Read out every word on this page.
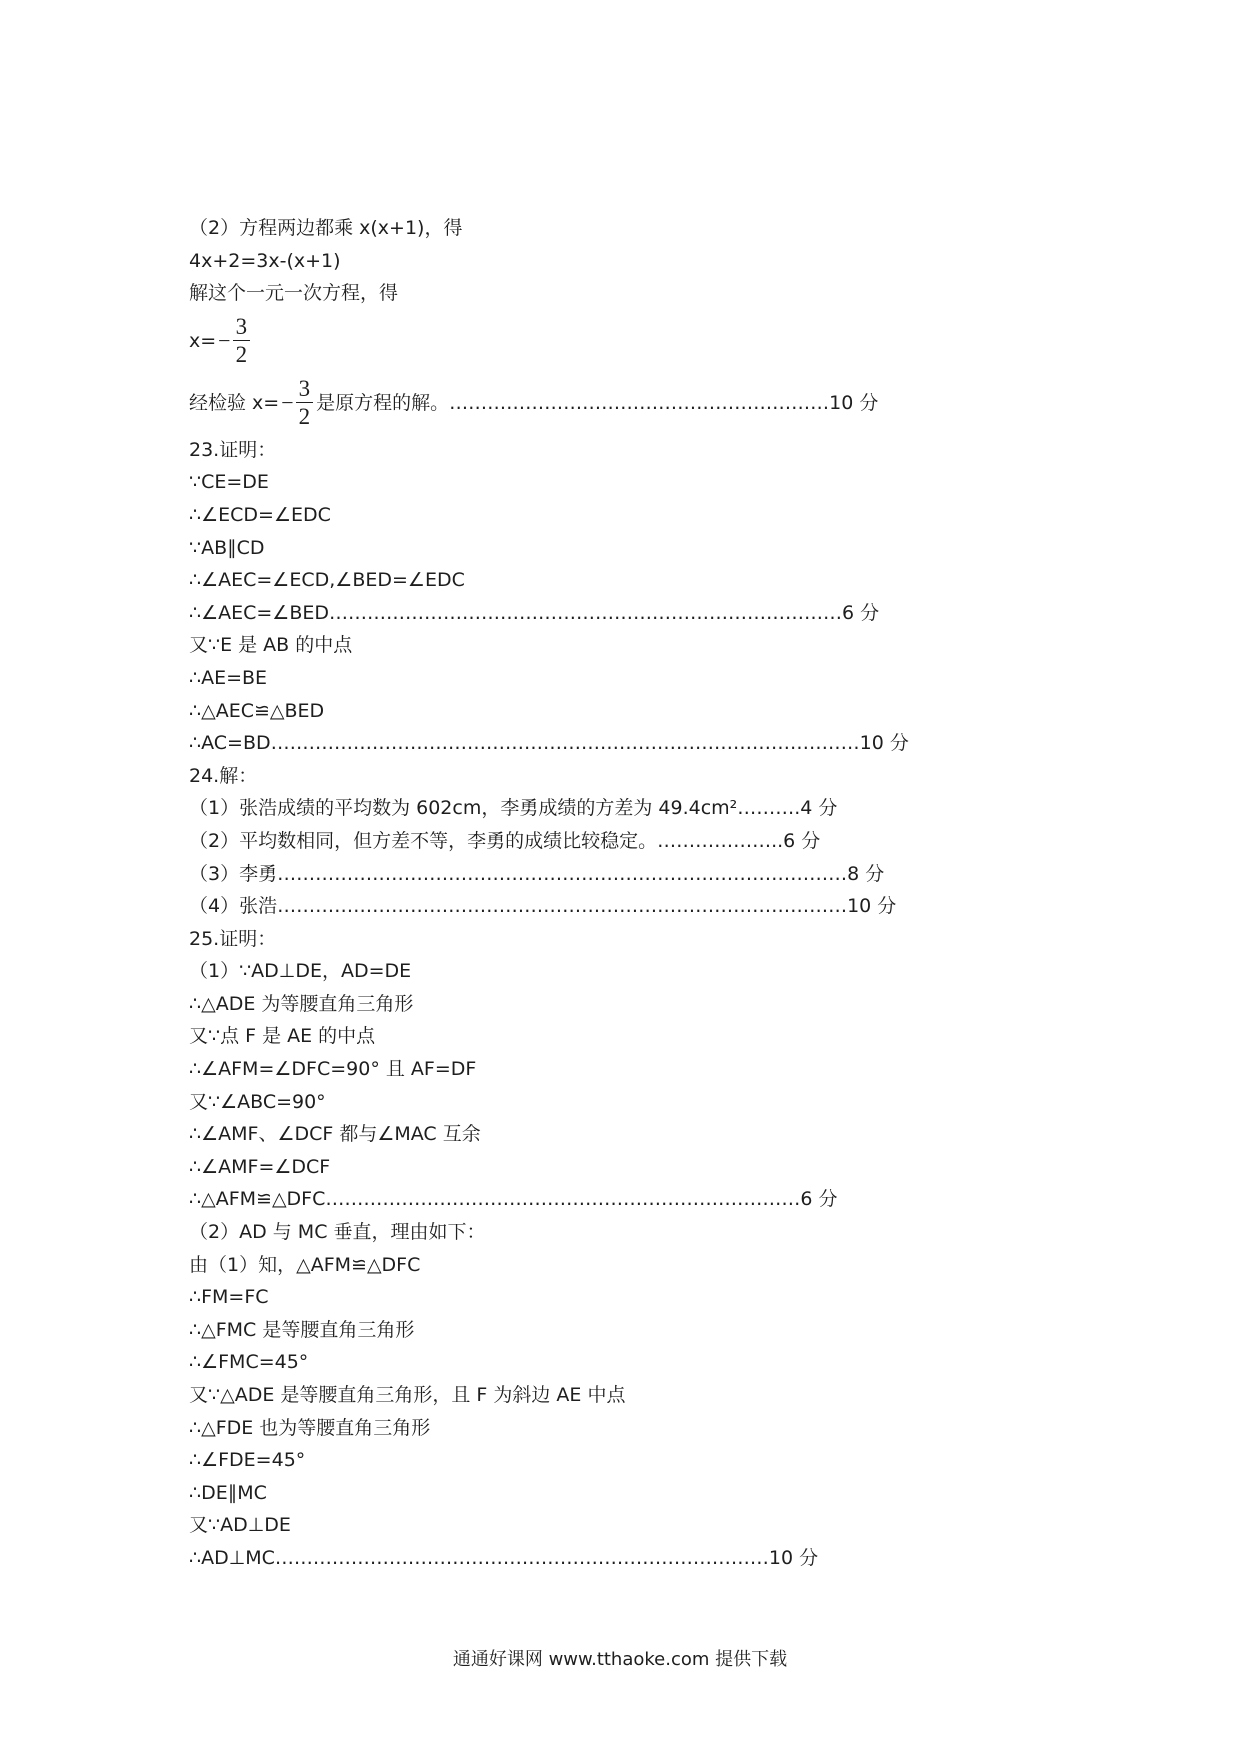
（2）方程两边都乘 x(x+1)，得
4x+2=3x-(x+1)
解这个一元一次方程，得
$x= - \frac{3}{2}$
经检验 $x= - \frac{3}{2}$ 是原方程的解。……………………………………………………10 分
23.证明：
∵CE=DE
∴∠ECD=∠EDC
∵AB∥CD
∴∠AEC=∠ECD,∠BED=∠EDC
∴∠AEC=∠BED………………………………………………………………………6 分
又∵E 是 AB 的中点
∴AE=BE
∴△AEC≌△BED
∴AC=BD…………………………………………………………………………………10 分
24.解：
（1）张浩成绩的平均数为 602cm，李勇成绩的方差为 49.4cm²……….4 分
（2）平均数相同，但方差不等，李勇的成绩比较稳定。………………..6 分
（3）李勇………………………………………………………………………………8 分
（4）张浩………………………………………………………………………………10 分
25.证明：
（1）∵AD⊥DE，AD=DE
∴△ADE 为等腰直角三角形
又∵点 F 是 AE 的中点
∴∠AFM=∠DFC=90° 且 AF=DF
又∵∠ABC=90°
∴∠AMF、∠DCF 都与∠MAC 互余
∴∠AMF=∠DCF
∴△AFM≌△DFC…………………………………………………………………6 分
（2）AD 与 MC 垂直，理由如下：
由（1）知，△AFM≌△DFC
∴FM=FC
∴△FMC 是等腰直角三角形
∴∠FMC=45°
又∵△ADE 是等腰直角三角形，且 F 为斜边 AE 中点
∴△FDE 也为等腰直角三角形
∴∠FDE=45°
∴DE∥MC
又∵AD⊥DE
∴AD⊥MC……………………………………………………………………10 分
通通好课网 www.tthaoke.com 提供下载
